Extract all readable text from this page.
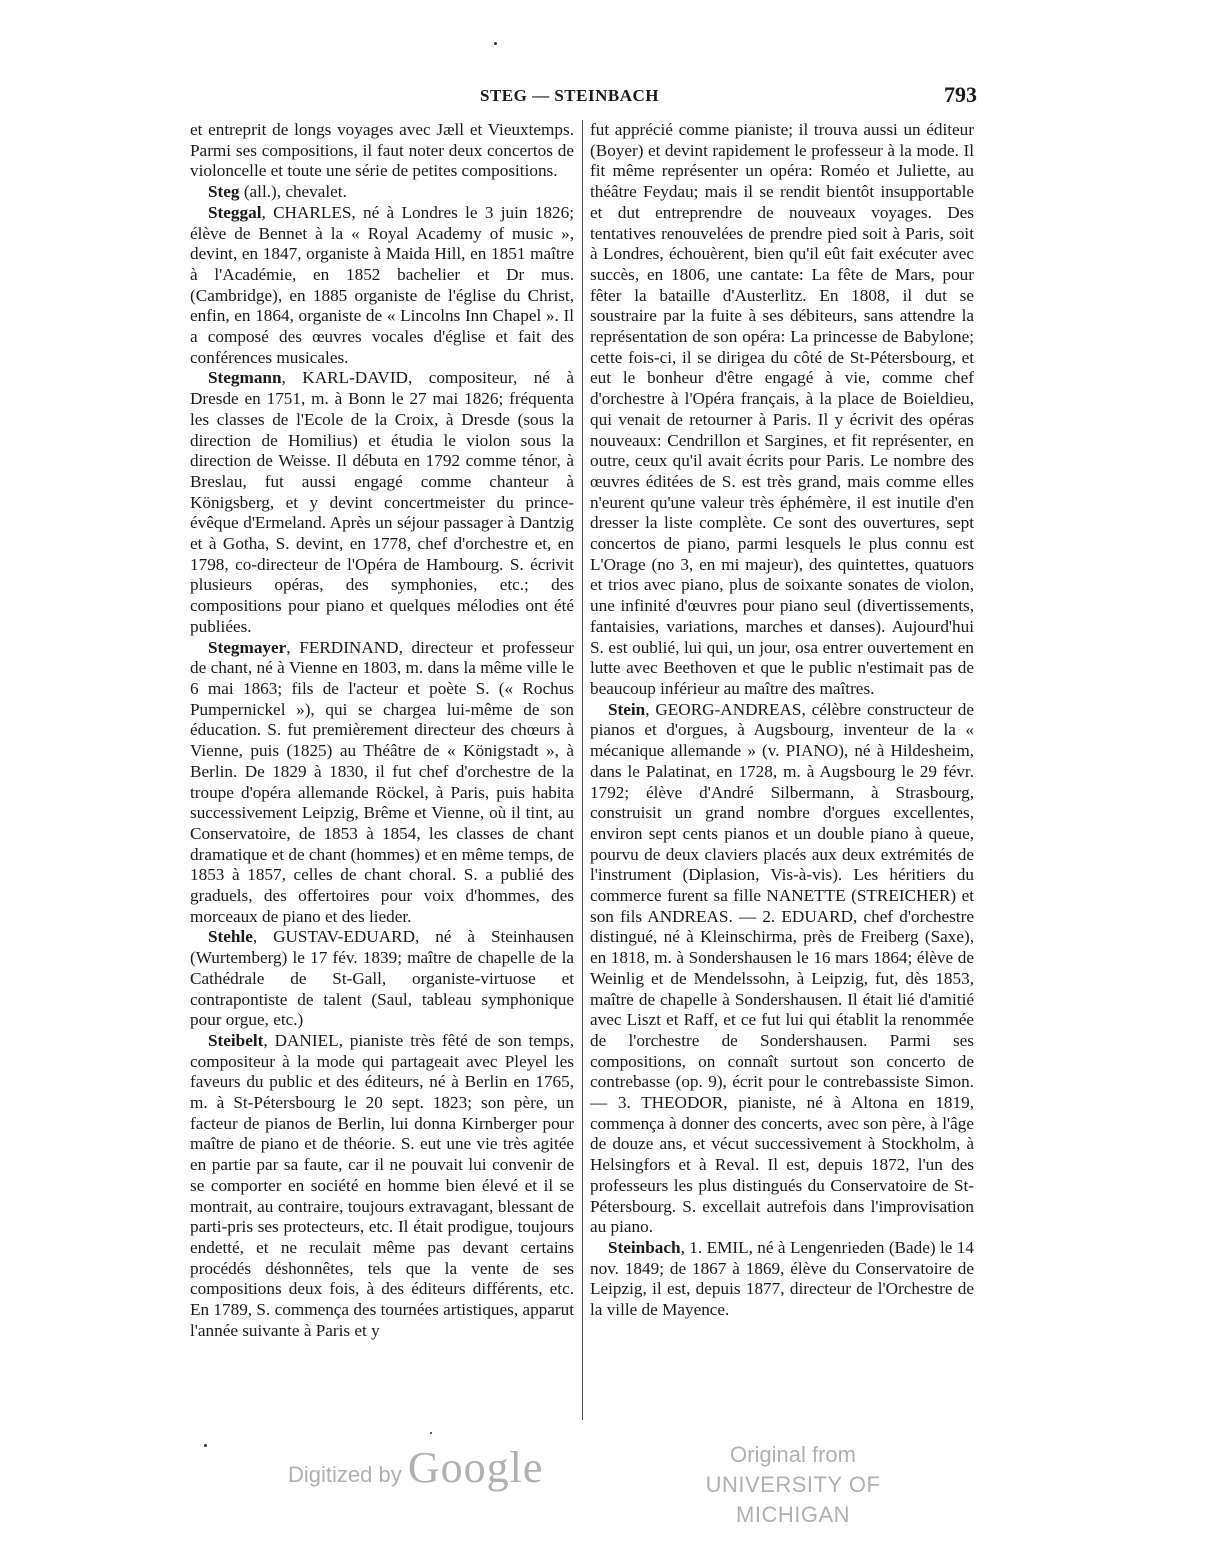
STEG — STEINBACH	793

et entreprit de longs voyages avec Jæll et Vieuxtemps. Parmi ses compositions, il faut noter deux concertos de violoncelle et toute une série de petites compositions.

Steg (all.), chevalet.

Steggal, CHARLES, né à Londres le 3 juin 1826; élève de Bennet à la « Royal Academy of music », devint, en 1847, organiste à Maida Hill, en 1851 maître à l'Académie, en 1852 bachelier et Dr mus. (Cambridge), en 1885 organiste de l'église du Christ, enfin, en 1864, organiste de « Lincolns Inn Chapel ». Il a composé des œuvres vocales d'église et fait des conférences musicales.

Stegmann, KARL-DAVID, compositeur, né à Dresde en 1751, m. à Bonn le 27 mai 1826; fréquenta les classes de l'Ecole de la Croix, à Dresde (sous la direction de Homilius) et étudia le violon sous la direction de Weisse. Il débuta en 1792 comme ténor, à Breslau, fut aussi engagé comme chanteur à Königsberg, et y devint concertmeister du prince-évêque d'Ermeland. Après un séjour passager à Dantzig et à Gotha, S. devint, en 1778, chef d'orchestre et, en 1798, co-directeur de l'Opéra de Hambourg. S. écrivit plusieurs opéras, des symphonies, etc.; des compositions pour piano et quelques mélodies ont été publiées.

Stegmayer, FERDINAND, directeur et professeur de chant, né à Vienne en 1803, m. dans la même ville le 6 mai 1863; fils de l'acteur et poète S. (« Rochus Pumpernickel »), qui se chargea lui-même de son éducation. S. fut premièrement directeur des chœurs à Vienne, puis (1825) au Théâtre de « Königstadt », à Berlin. De 1829 à 1830, il fut chef d'orchestre de la troupe d'opéra allemande Röckel, à Paris, puis habita successivement Leipzig, Brême et Vienne, où il tint, au Conservatoire, de 1853 à 1854, les classes de chant dramatique et de chant (hommes) et en même temps, de 1853 à 1857, celles de chant choral. S. a publié des graduels, des offertoires pour voix d'hommes, des morceaux de piano et des lieder.

Stehle, GUSTAV-EDUARD, né à Steinhausen (Wurtemberg) le 17 fév. 1839; maître de chapelle de la Cathédrale de St-Gall, organiste-virtuose et contrapontiste de talent (Saul, tableau symphonique pour orgue, etc.)

Steibelt, DANIEL, pianiste très fêté de son temps, compositeur à la mode qui partageait avec Pleyel les faveurs du public et des éditeurs, né à Berlin en 1765, m. à St-Pétersbourg le 20 sept. 1823; son père, un facteur de pianos de Berlin, lui donna Kirnberger pour maître de piano et de théorie. S. eut une vie très agitée en partie par sa faute, car il ne pouvait lui convenir de se comporter en société en homme bien élevé et il se montrait, au contraire, toujours extravagant, blessant de parti-pris ses protecteurs, etc. Il était prodigue, toujours endetté, et ne reculait même pas devant certains procédés déshonnêtes, tels que la vente de ses compositions deux fois, à des éditeurs différents, etc. En 1789, S. commença des tournées artistiques, apparut l'année suivante à Paris et y

fut apprécié comme pianiste; il trouva aussi un éditeur (Boyer) et devint rapidement le professeur à la mode. Il fit même représenter un opéra: Roméo et Juliette, au théâtre Feydau; mais il se rendit bientôt insupportable et dut entreprendre de nouveaux voyages. Des tentatives renouvelées de prendre pied soit à Paris, soit à Londres, échouèrent, bien qu'il eût fait exécuter avec succès, en 1806, une cantate: La fête de Mars, pour fêter la bataille d'Austerlitz. En 1808, il dut se soustraire par la fuite à ses débiteurs, sans attendre la représentation de son opéra: La princesse de Babylone; cette fois-ci, il se dirigea du côté de St-Pétersbourg, et eut le bonheur d'être engagé à vie, comme chef d'orchestre à l'Opéra français, à la place de Boieldieu, qui venait de retourner à Paris. Il y écrivit des opéras nouveaux: Cendrillon et Sargines, et fit représenter, en outre, ceux qu'il avait écrits pour Paris. Le nombre des œuvres éditées de S. est très grand, mais comme elles n'eurent qu'une valeur très éphémère, il est inutile d'en dresser la liste complète. Ce sont des ouvertures, sept concertos de piano, parmi lesquels le plus connu est L'Orage (no 3, en mi majeur), des quintettes, quatuors et trios avec piano, plus de soixante sonates de violon, une infinité d'œuvres pour piano seul (divertissements, fantaisies, variations, marches et danses). Aujourd'hui S. est oublié, lui qui, un jour, osa entrer ouvertement en lutte avec Beethoven et que le public n'estimait pas de beaucoup inférieur au maître des maîtres.

Stein, GEORG-ANDREAS, célèbre constructeur de pianos et d'orgues, à Augsbourg, inventeur de la « mécanique allemande » (v. PIANO), né à Hildesheim, dans le Palatinat, en 1728, m. à Augsbourg le 29 févr. 1792; élève d'André Silbermann, à Strasbourg, construisit un grand nombre d'orgues excellentes, environ sept cents pianos et un double piano à queue, pourvu de deux claviers placés aux deux extrémités de l'instrument (Diplasion, Vis-à-vis). Les héritiers du commerce furent sa fille NANETTE (STREICHER) et son fils ANDREAS. — 2. EDUARD, chef d'orchestre distingué, né à Kleinschirma, près de Freiberg (Saxe), en 1818, m. à Sondershausen le 16 mars 1864; élève de Weinlig et de Mendelssohn, à Leipzig, fut, dès 1853, maître de chapelle à Sondershausen. Il était lié d'amitié avec Liszt et Raff, et ce fut lui qui établit la renommée de l'orchestre de Sondershausen. Parmi ses compositions, on connaît surtout son concerto de contrebasse (op. 9), écrit pour le contrebassiste Simon. — 3. THEODOR, pianiste, né à Altona en 1819, commença à donner des concerts, avec son père, à l'âge de douze ans, et vécut successivement à Stockholm, à Helsingfors et à Reval. Il est, depuis 1872, l'un des professeurs les plus distingués du Conservatoire de St-Pétersbourg. S. excellait autrefois dans l'improvisation au piano.

Steinbach, 1. EMIL, né à Lengenrieden (Bade) le 14 nov. 1849; de 1867 à 1869, élève du Conservatoire de Leipzig, il est, depuis 1877, directeur de l'Orchestre de la ville de Mayence.

Digitized by Google	Original from
UNIVERSITY OF MICHIGAN
